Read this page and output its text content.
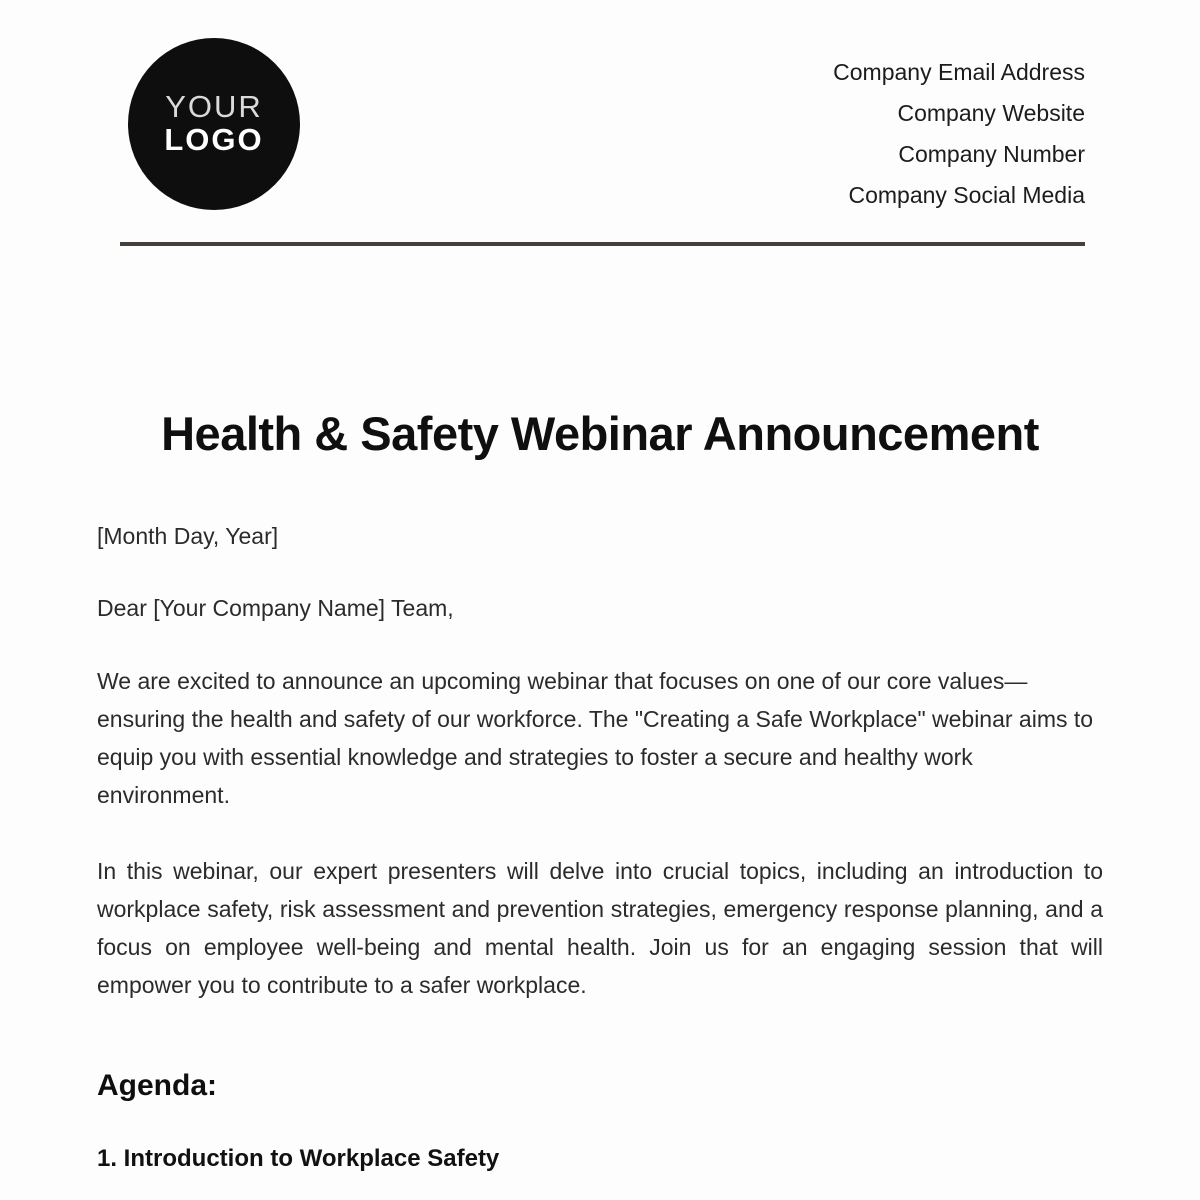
YOUR
LOGO
Company Email Address
Company Website
Company Number
Company Social Media
Health & Safety Webinar Announcement

[Month Day, Year]

Dear [Your Company Name] Team,

We are excited to announce an upcoming webinar that focuses on one of our core values—ensuring the health and safety of our workforce. The "Creating a Safe Workplace" webinar aims to equip you with essential knowledge and strategies to foster a secure and healthy work environment.

In this webinar, our expert presenters will delve into crucial topics, including an introduction to workplace safety, risk assessment and prevention strategies, emergency response planning, and a focus on employee well-being and mental health. Join us for an engaging session that will empower you to contribute to a safer workplace.

Agenda:
1. Introduction to Workplace Safety
